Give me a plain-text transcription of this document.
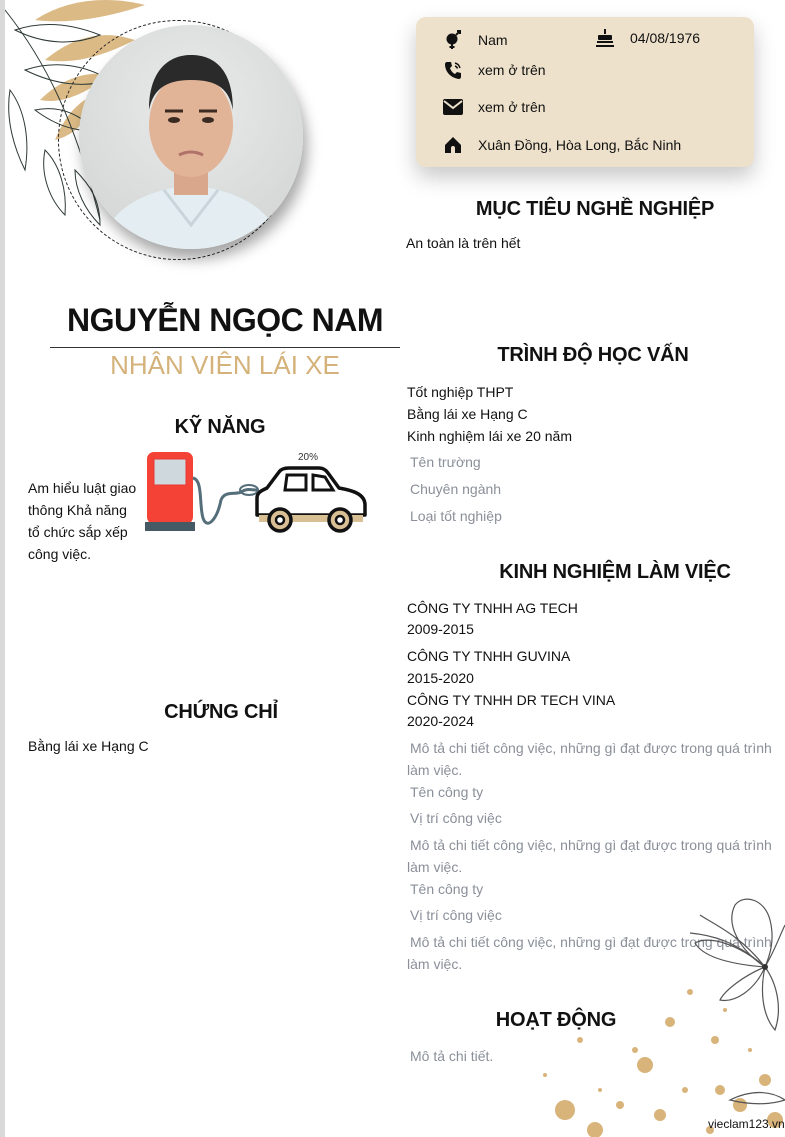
Nam	04/08/1976
xem ở trên
xem ở trên
Xuân Đồng, Hòa Long, Bắc Ninh
MỤC TIÊU NGHỀ NGHIỆP
An toàn là trên hết
NGUYỄN NGỌC NAM
NHÂN VIÊN LÁI XE
KỸ NĂNG
Am hiểu luật giao thông Khả năng tổ chức sắp xếp công việc.
20%
CHỨNG CHỈ
Bằng lái xe Hạng C
TRÌNH ĐỘ HỌC VẤN
Tốt nghiệp THPT
Bằng lái xe Hạng C
Kinh nghiệm lái xe 20 năm
Tên trường
Chuyên ngành
Loại tốt nghiệp
KINH NGHIỆM LÀM VIỆC
CÔNG TY TNHH AG TECH
2009-2015
CÔNG TY TNHH GUVINA
2015-2020
CÔNG TY TNHH DR TECH VINA
2020-2024
Mô tả chi tiết công việc, những gì đạt được trong quá trình làm việc.
Tên công ty
Vị trí công việc
Mô tả chi tiết công việc, những gì đạt được trong quá trình làm việc.
Tên công ty
Vị trí công việc
Mô tả chi tiết công việc, những gì đạt được trong quá trình làm việc.
HOẠT ĐỘNG
Mô tả chi tiết.
vieclam123.vn
